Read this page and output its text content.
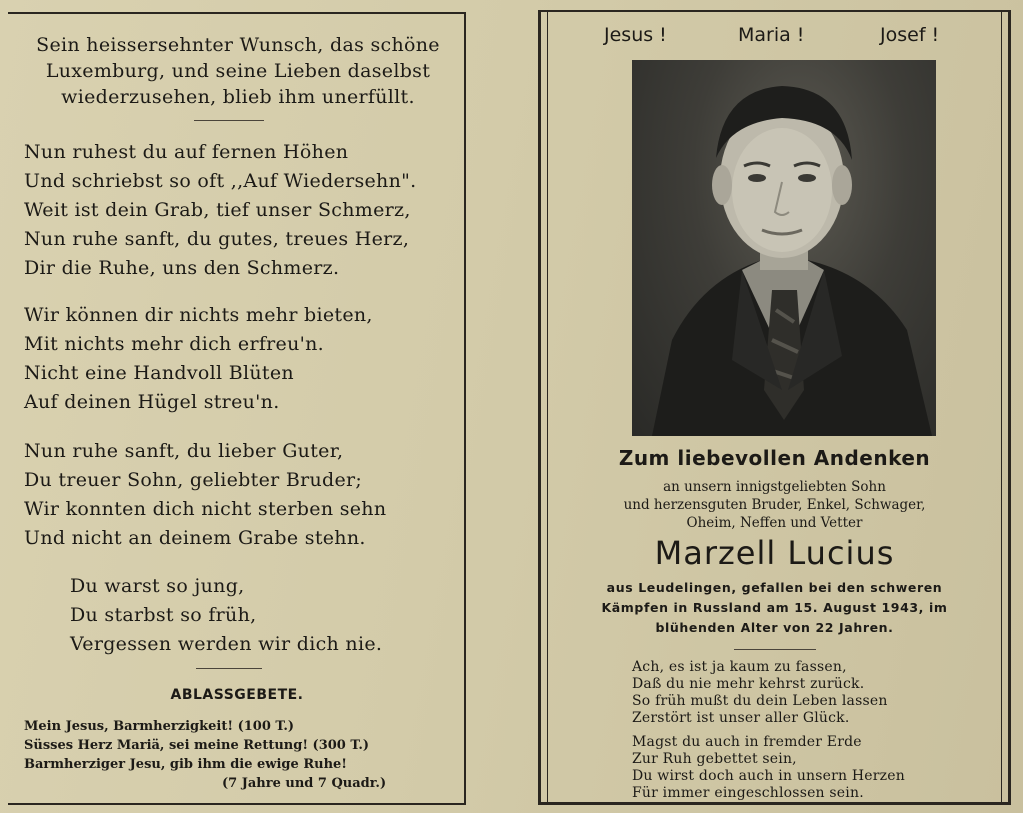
Sein heissersehnter Wunsch, das schöne
Luxemburg, und seine Lieben daselbst
wiederzusehen, blieb ihm unerfüllt.
Nun ruhest du auf fernen Höhen
Und schriebst so oft ,,Auf Wiedersehn".
Weit ist dein Grab, tief unser Schmerz,
Nun ruhe sanft, du gutes, treues Herz,
Dir die Ruhe, uns den Schmerz.
Wir können dir nichts mehr bieten,
Mit nichts mehr dich erfreu'n.
Nicht eine Handvoll Blüten
Auf deinen Hügel streu'n.
Nun ruhe sanft, du lieber Guter,
Du treuer Sohn, geliebter Bruder;
Wir konnten dich nicht sterben sehn
Und nicht an deinem Grabe stehn.
Du warst so jung,
Du starbst so früh,
Vergessen werden wir dich nie.
ABLASSGEBETE.
Mein Jesus, Barmherzigkeit! (100 T.)
Süsses Herz Mariä, sei meine Rettung! (300 T.)
Barmherziger Jesu, gib ihm die ewige Ruhe!
(7 Jahre und 7 Quadr.)
Jesus !	Maria !	Josef !
Zum liebevollen Andenken
an unsern innigstgeliebten Sohn
und herzensguten Bruder, Enkel, Schwager,
Oheim, Neffen und Vetter
Marzell Lucius
aus Leudelingen, gefallen bei den schweren
Kämpfen in Russland am 15. August 1943, im
blühenden Alter von 22 Jahren.
Ach, es ist ja kaum zu fassen,
Daß du nie mehr kehrst zurück.
So früh mußt du dein Leben lassen
Zerstört ist unser aller Glück.
Magst du auch in fremder Erde
Zur Ruh gebettet sein,
Du wirst doch auch in unsern Herzen
Für immer eingeschlossen sein.
